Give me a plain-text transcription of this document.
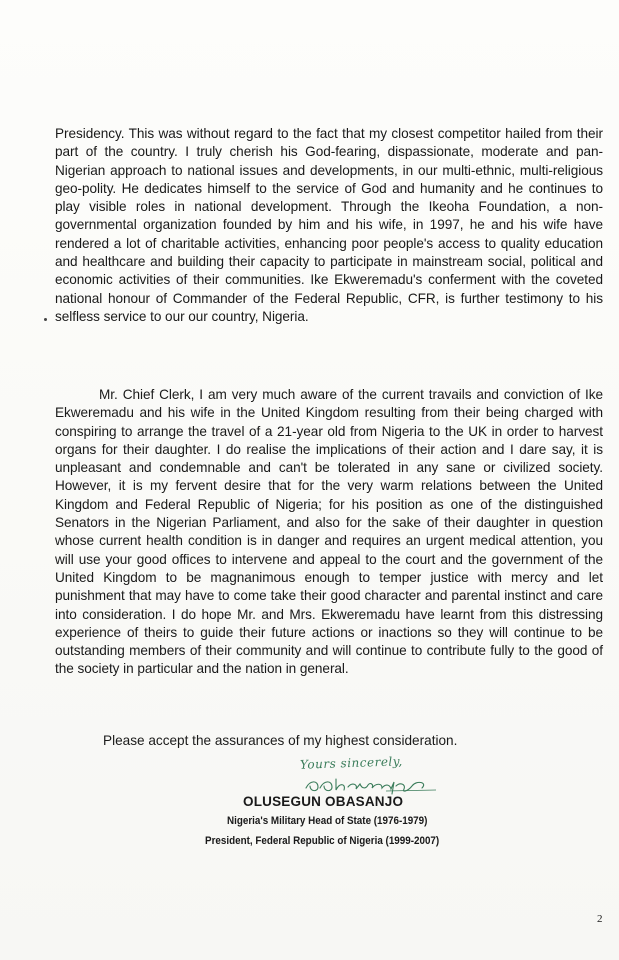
Presidency. This was without regard to the fact that my closest competitor hailed from their part of the country. I truly cherish his God-fearing, dispassionate, moderate and pan-Nigerian approach to national issues and developments, in our multi-ethnic, multi-religious geo-polity. He dedicates himself to the service of God and humanity and he continues to play visible roles in national development. Through the Ikeoha Foundation, a non-governmental organization founded by him and his wife, in 1997, he and his wife have rendered a lot of charitable activities, enhancing poor people's access to quality education and healthcare and building their capacity to participate in mainstream social, political and economic activities of their communities. Ike Ekweremadu's conferment with the coveted national honour of Commander of the Federal Republic, CFR, is further testimony to his selfless service to our our country, Nigeria.
Mr. Chief Clerk, I am very much aware of the current travails and conviction of Ike Ekweremadu and his wife in the United Kingdom resulting from their being charged with conspiring to arrange the travel of a 21-year old from Nigeria to the UK in order to harvest organs for their daughter. I do realise the implications of their action and I dare say, it is unpleasant and condemnable and can't be tolerated in any sane or civilized society. However, it is my fervent desire that for the very warm relations between the United Kingdom and Federal Republic of Nigeria; for his position as one of the distinguished Senators in the Nigerian Parliament, and also for the sake of their daughter in question whose current health condition is in danger and requires an urgent medical attention, you will use your good offices to intervene and appeal to the court and the government of the United Kingdom to be magnanimous enough to temper justice with mercy and let punishment that may have to come take their good character and parental instinct and care into consideration. I do hope Mr. and Mrs. Ekweremadu have learnt from this distressing experience of theirs to guide their future actions or inactions so they will continue to be outstanding members of their community and will continue to contribute fully to the good of the society in particular and the nation in general.
Please accept the assurances of my highest consideration.
Yours sincerely,
OLUSEGUN OBASANJO
Nigeria's Military Head of State (1976-1979)
President, Federal Republic of Nigeria (1999-2007)
2
